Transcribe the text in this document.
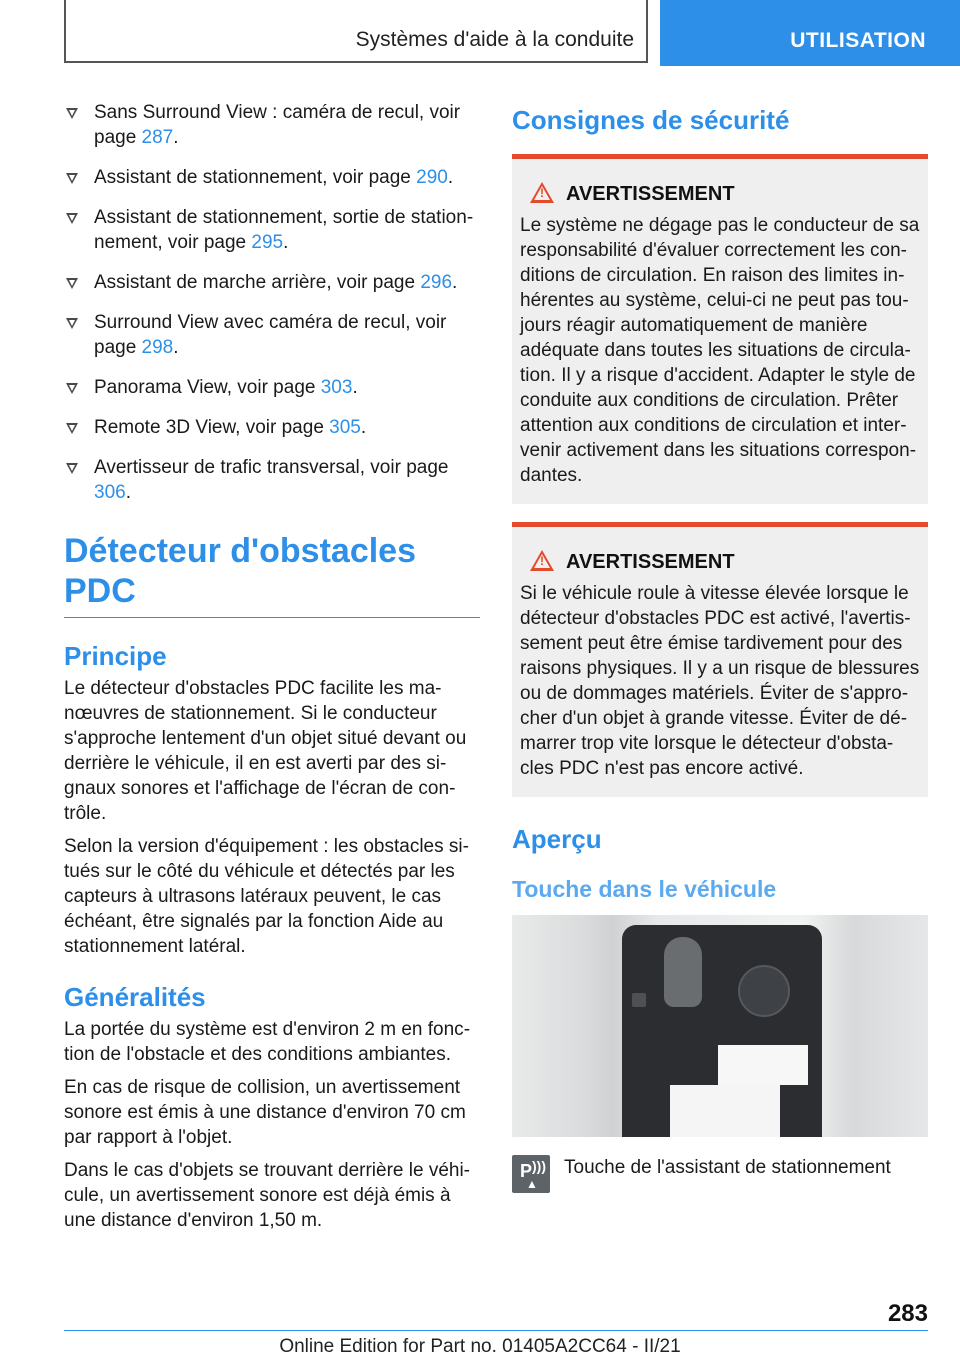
Systèmes d'aide à la conduite	UTILISATION
Sans Surround View : caméra de recul, voir page 287.
Assistant de stationnement, voir page 290.
Assistant de stationnement, sortie de stationnement, voir page 295.
Assistant de marche arrière, voir page 296.
Surround View avec caméra de recul, voir page 298.
Panorama View, voir page 303.
Remote 3D View, voir page 305.
Avertisseur de trafic transversal, voir page 306.
Détecteur d'obstacles PDC
Principe

Le détecteur d'obstacles PDC facilite les manœuvres de stationnement. Si le conducteur s'approche lentement d'un objet situé devant ou derrière le véhicule, il en est averti par des signaux sonores et l'affichage de l'écran de contrôle.

Selon la version d'équipement : les obstacles situés sur le côté du véhicule et détectés par les capteurs à ultrasons latéraux peuvent, le cas échéant, être signalés par la fonction Aide au stationnement latéral.

Généralités

La portée du système est d'environ 2 m en fonction de l'obstacle et des conditions ambiantes.

En cas de risque de collision, un avertissement sonore est émis à une distance d'environ 70 cm par rapport à l'objet.

Dans le cas d'objets se trouvant derrière le véhicule, un avertissement sonore est déjà émis à une distance d'environ 1,50 m.

Consignes de sécurité
! AVERTISSEMENT
Le système ne dégage pas le conducteur de sa responsabilité d'évaluer correctement les conditions de circulation. En raison des limites inhérentes au système, celui-ci ne peut pas toujours réagir automatiquement de manière adéquate dans toutes les situations de circulation. Il y a risque d'accident. Adapter le style de conduite aux conditions de circulation. Prêter attention aux conditions de circulation et intervenir activement dans les situations correspondantes.
! AVERTISSEMENT
Si le véhicule roule à vitesse élevée lorsque le détecteur d'obstacles PDC est activé, l'avertissement peut être émise tardivement pour des raisons physiques. Il y a un risque de blessures ou de dommages matériels. Éviter de s'approcher d'un objet à grande vitesse. Éviter de démarrer trop vite lorsque le détecteur d'obstacles PDC n'est pas encore activé.
Aperçu
Touche dans le véhicule
P )))
▲
Touche de l'assistant de stationnement
283
Online Edition for Part no. 01405A2CC64 - II/21
